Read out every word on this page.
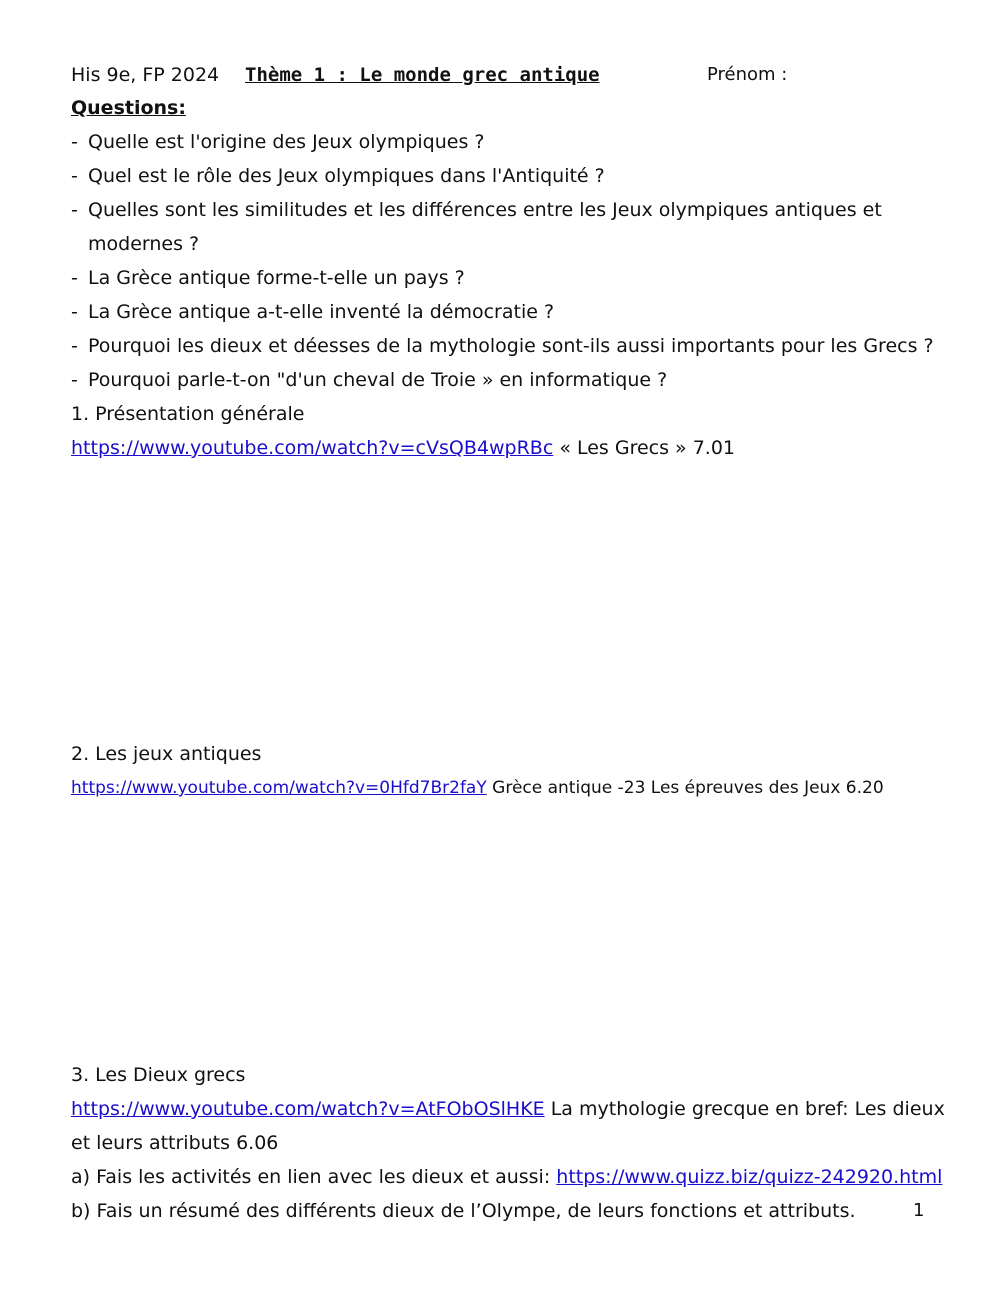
His 9e, FP 2024 Thème 1 : Le monde grec antique	Prénom :
Questions:
- Quelle est l'origine des Jeux olympiques ?
- Quel est le rôle des Jeux olympiques dans l'Antiquité ?
- Quelles sont les similitudes et les différences entre les Jeux olympiques antiques et
modernes ?
- La Grèce antique forme-t-elle un pays ?
- La Grèce antique a-t-elle inventé la démocratie ?
- Pourquoi les dieux et déesses de la mythologie sont-ils aussi importants pour les Grecs ?
- Pourquoi parle-t-on "d'un cheval de Troie » en informatique ?
1. Présentation générale
https://www.youtube.com/watch?v=cVsQB4wpRBc « Les Grecs » 7.01
2. Les jeux antiques
https://www.youtube.com/watch?v=0Hfd7Br2faY Grèce antique -23 Les épreuves des Jeux 6.20
3. Les Dieux grecs
https://www.youtube.com/watch?v=AtFObOSlHKE La mythologie grecque en bref: Les dieux
et leurs attributs 6.06
a) Fais les activités en lien avec les dieux et aussi: https://www.quizz.biz/quizz-242920.html
b) Fais un résumé des différents dieux de l’Olympe, de leurs fonctions et attributs.	1
